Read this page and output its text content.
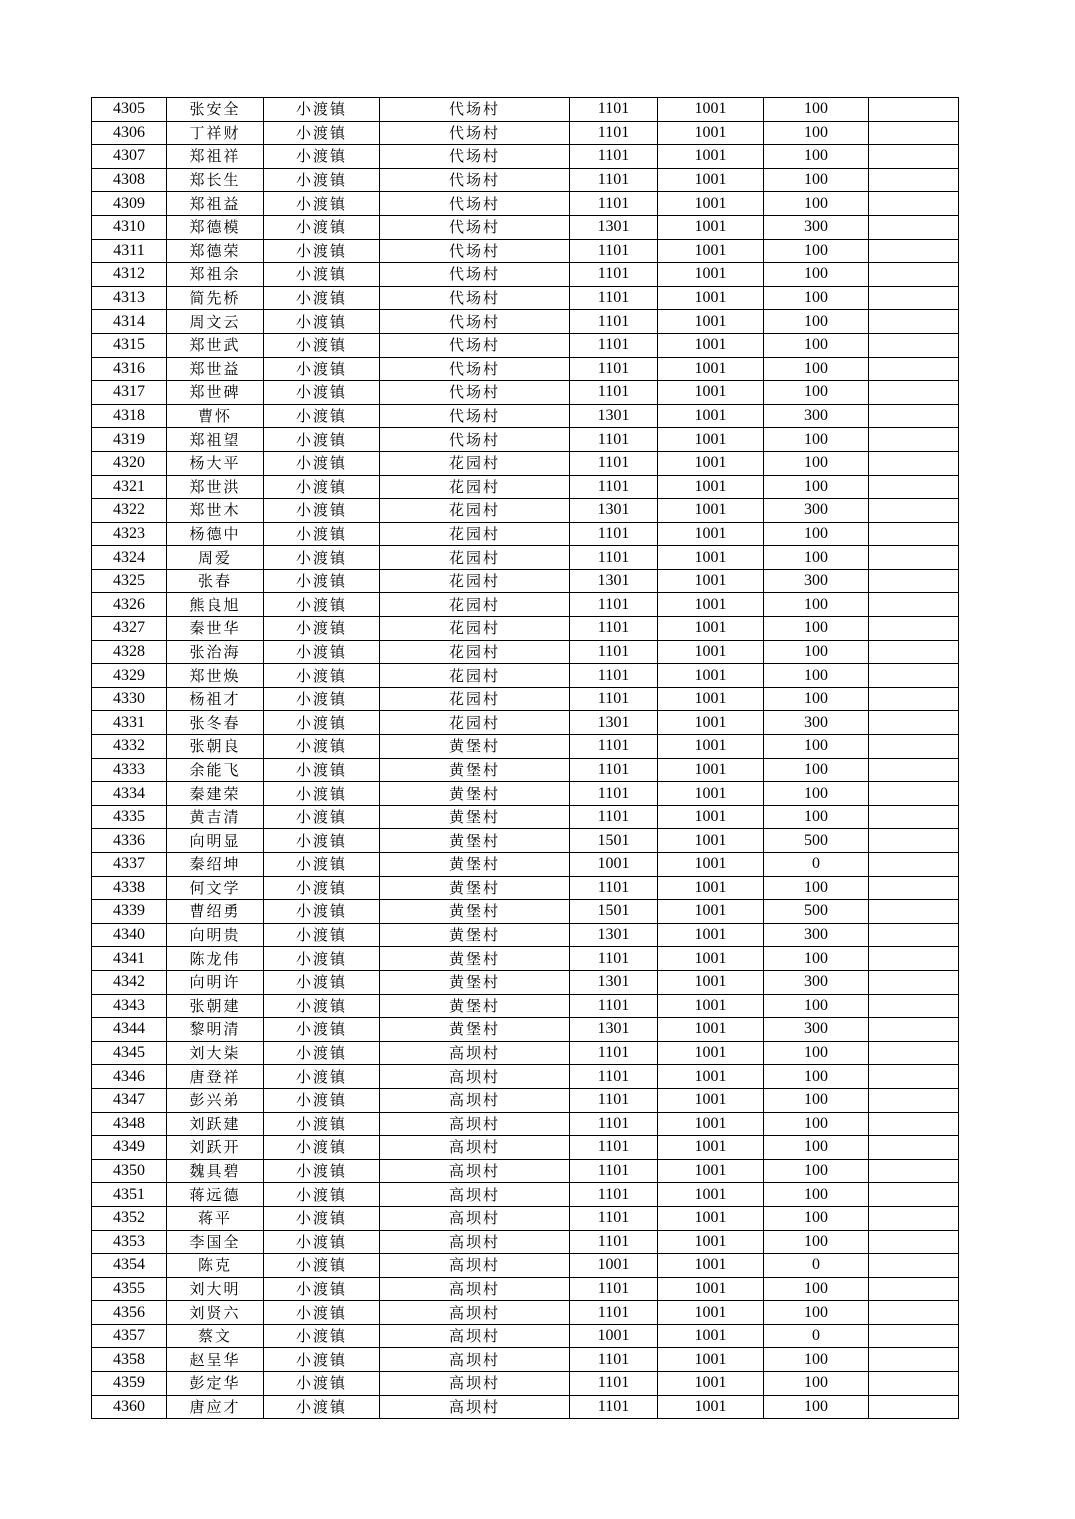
4305	张安全	小渡镇	代场村	1101	1001	100	
4306	丁祥财	小渡镇	代场村	1101	1001	100	
4307	郑祖祥	小渡镇	代场村	1101	1001	100	
4308	郑长生	小渡镇	代场村	1101	1001	100	
4309	郑祖益	小渡镇	代场村	1101	1001	100	
4310	郑德模	小渡镇	代场村	1301	1001	300	
4311	郑德荣	小渡镇	代场村	1101	1001	100	
4312	郑祖余	小渡镇	代场村	1101	1001	100	
4313	简先桥	小渡镇	代场村	1101	1001	100	
4314	周文云	小渡镇	代场村	1101	1001	100	
4315	郑世武	小渡镇	代场村	1101	1001	100	
4316	郑世益	小渡镇	代场村	1101	1001	100	
4317	郑世碑	小渡镇	代场村	1101	1001	100	
4318	曹怀	小渡镇	代场村	1301	1001	300	
4319	郑祖望	小渡镇	代场村	1101	1001	100	
4320	杨大平	小渡镇	花园村	1101	1001	100	
4321	郑世洪	小渡镇	花园村	1101	1001	100	
4322	郑世木	小渡镇	花园村	1301	1001	300	
4323	杨德中	小渡镇	花园村	1101	1001	100	
4324	周爱	小渡镇	花园村	1101	1001	100	
4325	张春	小渡镇	花园村	1301	1001	300	
4326	熊良旭	小渡镇	花园村	1101	1001	100	
4327	秦世华	小渡镇	花园村	1101	1001	100	
4328	张治海	小渡镇	花园村	1101	1001	100	
4329	郑世焕	小渡镇	花园村	1101	1001	100	
4330	杨祖才	小渡镇	花园村	1101	1001	100	
4331	张冬春	小渡镇	花园村	1301	1001	300	
4332	张朝良	小渡镇	黄堡村	1101	1001	100	
4333	余能飞	小渡镇	黄堡村	1101	1001	100	
4334	秦建荣	小渡镇	黄堡村	1101	1001	100	
4335	黄吉清	小渡镇	黄堡村	1101	1001	100	
4336	向明显	小渡镇	黄堡村	1501	1001	500	
4337	秦绍坤	小渡镇	黄堡村	1001	1001	0	
4338	何文学	小渡镇	黄堡村	1101	1001	100	
4339	曹绍勇	小渡镇	黄堡村	1501	1001	500	
4340	向明贵	小渡镇	黄堡村	1301	1001	300	
4341	陈龙伟	小渡镇	黄堡村	1101	1001	100	
4342	向明许	小渡镇	黄堡村	1301	1001	300	
4343	张朝建	小渡镇	黄堡村	1101	1001	100	
4344	黎明清	小渡镇	黄堡村	1301	1001	300	
4345	刘大柒	小渡镇	高坝村	1101	1001	100	
4346	唐登祥	小渡镇	高坝村	1101	1001	100	
4347	彭兴弟	小渡镇	高坝村	1101	1001	100	
4348	刘跃建	小渡镇	高坝村	1101	1001	100	
4349	刘跃开	小渡镇	高坝村	1101	1001	100	
4350	魏具碧	小渡镇	高坝村	1101	1001	100	
4351	蒋远德	小渡镇	高坝村	1101	1001	100	
4352	蒋平	小渡镇	高坝村	1101	1001	100	
4353	李国全	小渡镇	高坝村	1101	1001	100	
4354	陈克	小渡镇	高坝村	1001	1001	0	
4355	刘大明	小渡镇	高坝村	1101	1001	100	
4356	刘贤六	小渡镇	高坝村	1101	1001	100	
4357	蔡文	小渡镇	高坝村	1001	1001	0	
4358	赵呈华	小渡镇	高坝村	1101	1001	100	
4359	彭定华	小渡镇	高坝村	1101	1001	100	
4360	唐应才	小渡镇	高坝村	1101	1001	100	
